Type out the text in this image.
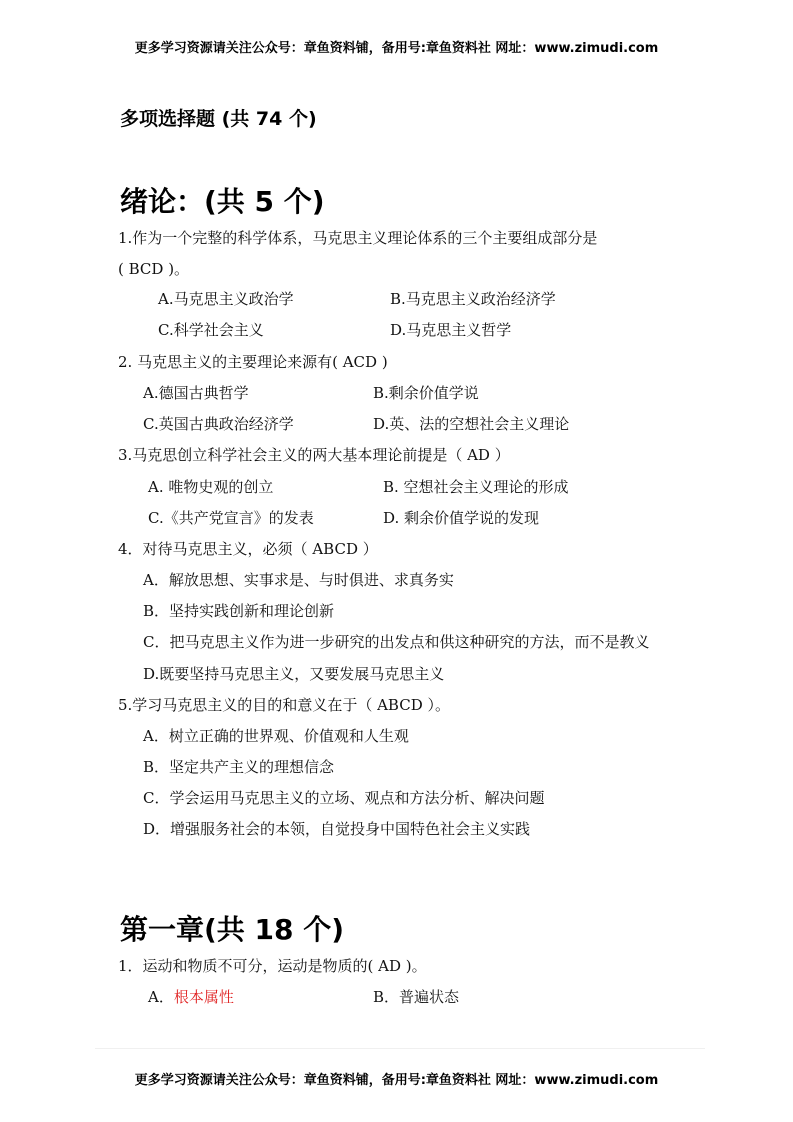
更多学习资源请关注公众号：章鱼资料铺，备用号:章鱼资料社 网址：www.zimudi.com
多项选择题 (共 74 个)
绪论：(共 5 个)
1.作为一个完整的科学体系，马克思主义理论体系的三个主要组成部分是
( BCD )。
A.马克思主义政治学	B.马克思主义政治经济学
C.科学社会主义	D.马克思主义哲学
2. 马克思主义的主要理论来源有( ACD )
A.德国古典哲学	B.剩余价值学说
C.英国古典政治经济学	D.英、法的空想社会主义理论
3.马克思创立科学社会主义的两大基本理论前提是（ AD ）
A. 唯物史观的创立	B. 空想社会主义理论的形成
C.《共产党宣言》的发表	D. 剩余价值学说的发现
4．对待马克思主义，必须（ ABCD ）
A．解放思想、实事求是、与时俱进、求真务实
B．坚持实践创新和理论创新
C．把马克思主义作为进一步研究的出发点和供这种研究的方法，而不是教义
D.既要坚持马克思主义，又要发展马克思主义
5.学习马克思主义的目的和意义在于（ ABCD ）。
A．树立正确的世界观、价值观和人生观
B．坚定共产主义的理想信念
C．学会运用马克思主义的立场、观点和方法分析、解决问题
D．增强服务社会的本领，自觉投身中国特色社会主义实践
第一章(共 18 个)
1．运动和物质不可分，运动是物质的( AD )。
A．根本属性	B．普遍状态
更多学习资源请关注公众号：章鱼资料铺，备用号:章鱼资料社 网址：www.zimudi.com
